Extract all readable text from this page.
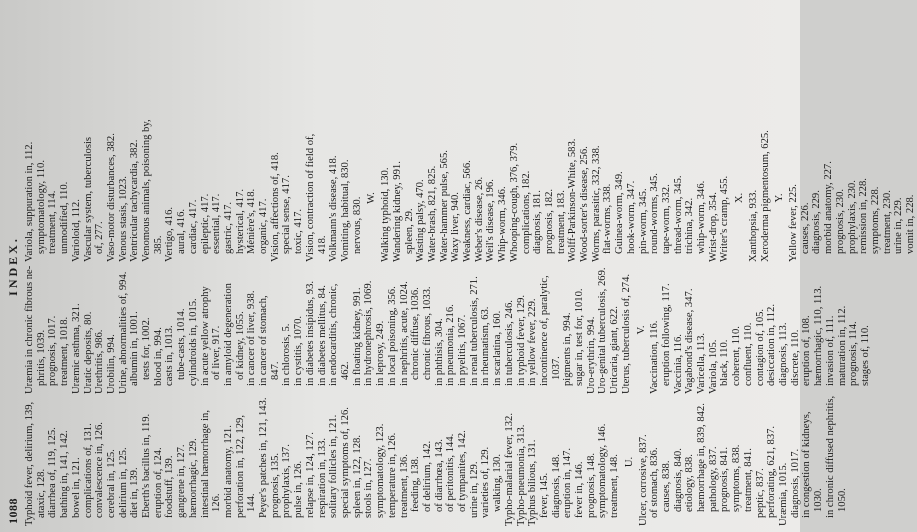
1088
INDEX.
Typhoid fever, delirium, 139, ataxic, 128. diarrhea of, 119, 125. bathing in, 141, 142. bowel in, 121. complications of, 131. convalescence in, 126. cerebral in, 125. delirium in, 125. diet in, 139. Eberth's bacillus in, 119. eruption of, 124. foodstuff, 139. gangrene in, 127. hæmorrhagic, 129. intestinal hæmorrhage in, 126. morbid anatomy, 121. perforation in, 122, 129, 144. Peyer's patches in, 121, 143. prognosis, 135. prophylaxis, 137. pulse in, 126. relapse in, 124, 127. respiration in, 133. solitary follicles in, 121. special symptoms of, 126. spleen in, 122, 128. stools in, 127. symptomatology, 123. temperature in, 126. treatment, 136. feeding, 138. of delirium, 142. of diarrhœa, 143. of peritonitis, 144. of tympanites, 142. urine in, 129. varieties of, 129. walking, 130. Typho-malarial fever, 132. Typho-pneumonia, 313. Typhus bilious, 131. fever, 145. diagnosis, 148. eruption in, 147. fever in, 146. prognosis, 148. symptomatology, 146. treatment, 148. U. Ulcer, corrosive, 837. of stomach, 836. causes, 838. diagnosis, 840. etiology, 838. hæmorrhage in, 839, 842. pathology, 837. prognosis, 841. symptoms, 838. treatment, 841. peptic, 837. perforating, 621, 837. Uræmia, 1015. diagnosis, 1017. in congestion of kidneys, 1030. in chronic diffused nephritis, 1050.
Uræmia in chronic fibrous ne- phritis, 1039. prognosis, 1017. treatment, 1018. Uræmic asthma, 321. Uratic deposits, 80. Urethritis, 986. Urobilin, 994. Urine, abnormalities of, 994. albumin in, 1001. tests for, 1002. blood in, 994. casts in, 1013. tube-casts, 1014. cylindroids in, 1015. in acute yellow atrophy of liver, 917. in amyloid degeneration of kidney, 1055. in cancer of liver, 938. in cancer of stomach, 847. in chlorosis, 5. in cystitis, 1070. in diabetes insipidus, 93. in diabetes mellitus, 84. in endocarditis, chronic, 462. in floating kidney, 991. in hydronephrosis, 1069. in leprosy, 249. in local poisoning, 356. in nephritis, acute, 1024. chronic diffuse, 1036. chronic fibrous, 1033. in phthisis, 304. in pneumonia, 216. in pyelitis, 1067. in renal tuberculosis, 271. in rheumatism, 63. in scarlatina, 160. in tuberculosis, 246. in typhoid fever, 129. in yellow fever, 229. incontinence of, paralytic, 1037. pigments in, 994. sugar in, test for, 1010. Uro-erythrin, 994. Uro-genital tuberculosis, 269. Urticaria, giant, 622. Uterus, tuberculosis of, 274. V. Vaccination, 116. eruption following, 117. Vaccinia, 116. Vagabond's disease, 347. Varicella, 113. Variola, 105. black, 110. coherent, 110. confluent, 110. contagion of, 105. desiccation in, 112. diagnosis, 113. discrete, 110. eruption of, 108. hæmorrhagic, 110, 113. invasion of, 111. maturation in, 112. prognosis, 114. stages of, 110.
Variola, suppuration in, 112. symptomatology, 110. treatment, 114. unmodified, 110. Varioloid, 112. Vascular system, tuberculosis of, 277. Vaso-motor disturbances, 382. Venous stasis, 1023. Ventricular tachycardia, 382. Venomous animals, poisoning by, 385. Vertigo, 416. aural, 416. cardiac, 417. epileptic, 417. essential, 417. gastric, 417. hysterical, 417. Ménière's, 418. organic, 417. Vision, affections of, 418. special sense, 417. toxic, 417. Vision, contraction of field of, 418. Volkmann's disease, 418. Vomiting, habitual, 830. nervous, 830. W. Walking typhoid, 130. Wandering kidney, 991. spleen, 29. Wasting palsy, 470. Water-brash, 821, 825. Water-hammer pulse, 565. Waxy liver, 940. Weakness, cardiac, 566. Weber's disease, 26. Weil's disease, 196. Whip-worm, 346. Whooping-cough, 376, 379. complications, 182. diagnosis, 181. prognosis, 182. treatment, 183. Wolff-Parkinson-White, 583. Wood-sorter's disease, 256. Worms, parasitic, 332, 338. flat-worms, 338. Guinea-worm, 349. hook-worm, 347. pin-worm, 345. round-worms, 345. tape-worm, 332. thread-worm, 345. trichina, 342. whip-worm, 346. Wrist-drop, 354. Writer's cramp, 455. X. Xanthopsia, 933. Xeroderma pigmentosum, 625. Y. Yellow fever, 225. causes, 226. diagnosis, 229. morbid anatomy, 227. prognosis, 230. prophylaxis, 230. remission in, 228. symptoms, 228. treatment, 230. urine in, 229. vomit in, 228.
